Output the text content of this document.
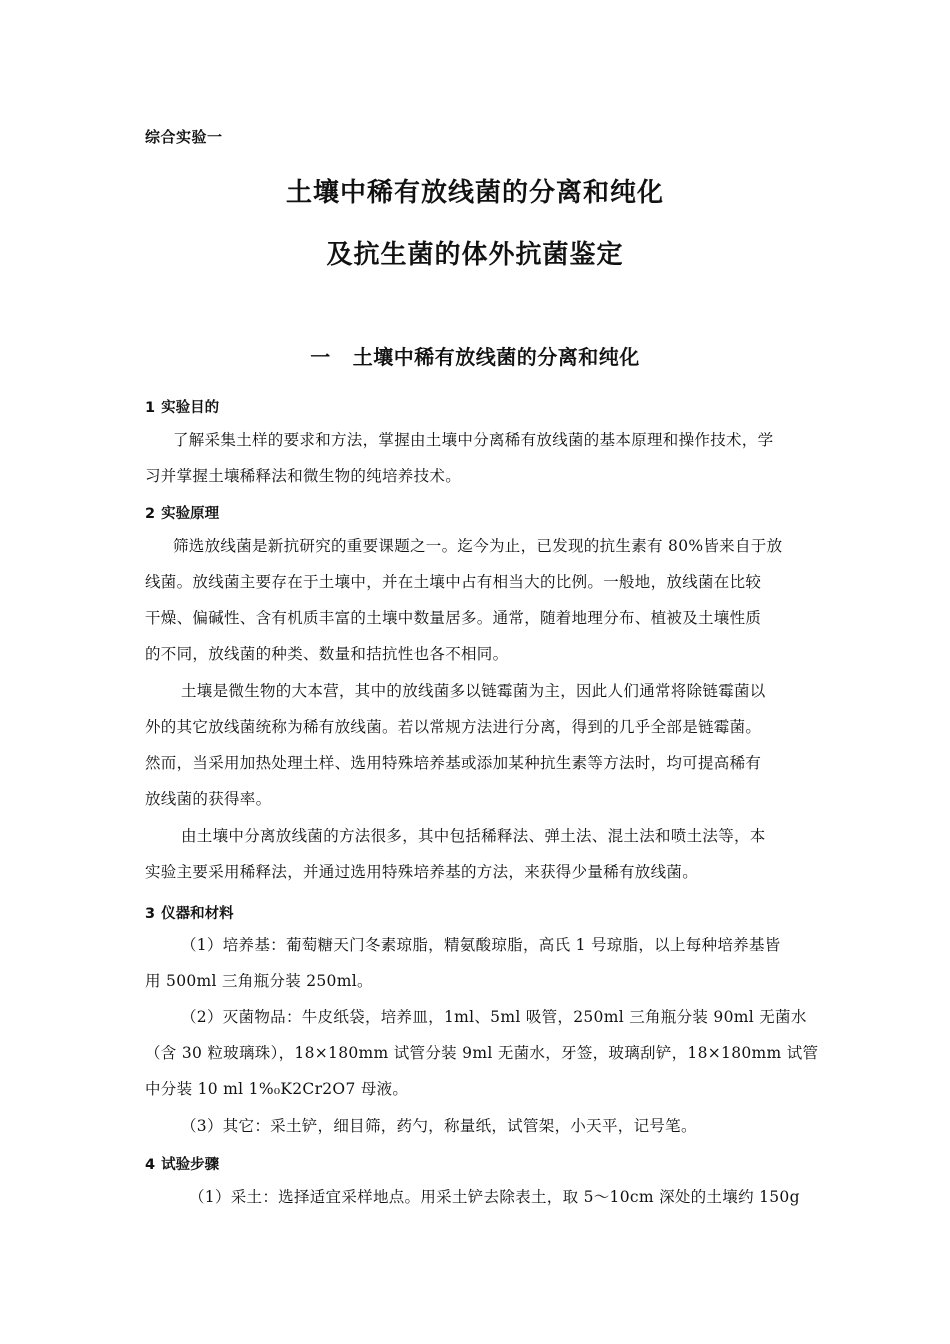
综合实验一
土壤中稀有放线菌的分离和纯化
及抗生菌的体外抗菌鉴定
一 土壤中稀有放线菌的分离和纯化
1 实验目的
了解采集土样的要求和方法，掌握由土壤中分离稀有放线菌的基本原理和操作技术，学
习并掌握土壤稀释法和微生物的纯培养技术。
2 实验原理
筛选放线菌是新抗研究的重要课题之一。迄今为止，已发现的抗生素有 80%皆来自于放
线菌。放线菌主要存在于土壤中，并在土壤中占有相当大的比例。一般地，放线菌在比较
干燥、偏碱性、含有机质丰富的土壤中数量居多。通常，随着地理分布、植被及土壤性质
的不同，放线菌的种类、数量和拮抗性也各不相同。
土壤是微生物的大本营，其中的放线菌多以链霉菌为主，因此人们通常将除链霉菌以
外的其它放线菌统称为稀有放线菌。若以常规方法进行分离，得到的几乎全部是链霉菌。
然而，当采用加热处理土样、选用特殊培养基或添加某种抗生素等方法时，均可提高稀有
放线菌的获得率。
由土壤中分离放线菌的方法很多，其中包括稀释法、弹土法、混土法和喷土法等，本
实验主要采用稀释法，并通过选用特殊培养基的方法，来获得少量稀有放线菌。
3 仪器和材料
（1）培养基：葡萄糖天门冬素琼脂，精氨酸琼脂，高氏 1 号琼脂，以上每种培养基皆
用 500ml 三角瓶分装 250ml。
（2）灭菌物品：牛皮纸袋，培养皿，1ml、5ml 吸管，250ml 三角瓶分装 90ml 无菌水
（含 30 粒玻璃珠），18×180mm 试管分装 9ml 无菌水，牙签，玻璃刮铲，18×180mm 试管
中分装 10 ml 1%₀K2Cr2O7 母液。
（3）其它：采土铲，细目筛，药勺，称量纸，试管架，小天平，记号笔。
4 试验步骤
（1）采土：选择适宜采样地点。用采土铲去除表土，取 5～10cm 深处的土壤约 150g
